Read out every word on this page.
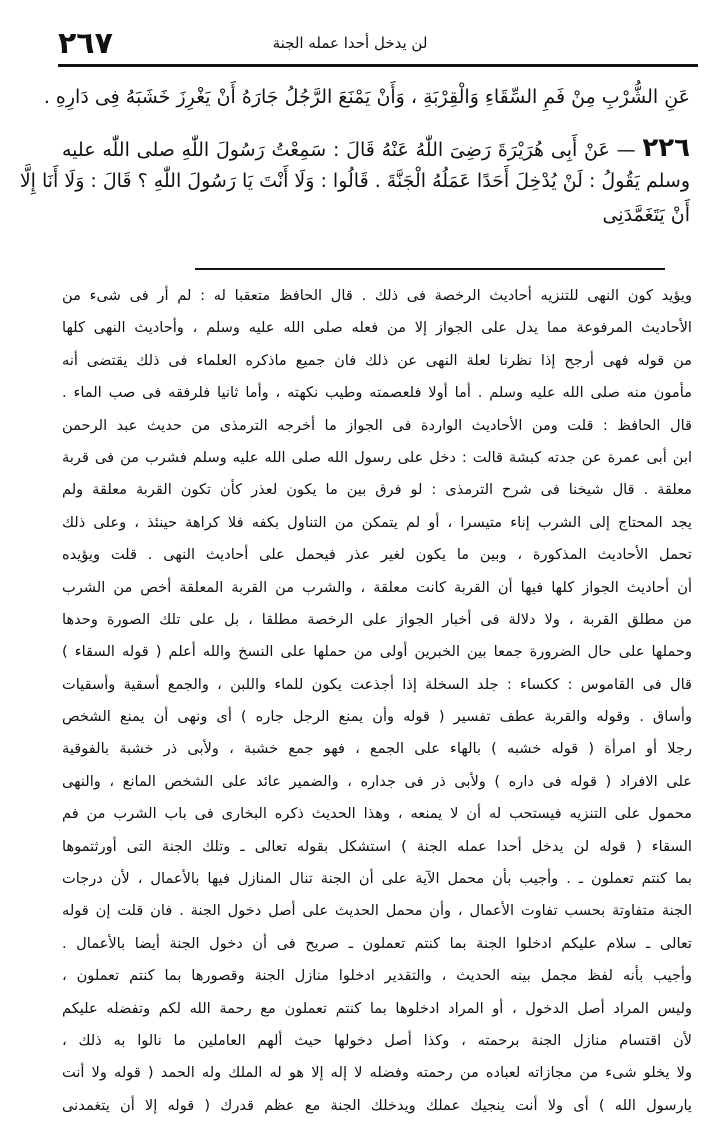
٢٦٧	لن يدخل أحدا عمله الجنة
عَنِ الشُّرْبِ مِنْ فَمِ السِّقَاءِ وَالْقِرْبَةِ ، وَأَنْ يَمْنَعَ الرَّجُلُ جَارَهُ أَنْ يَغْرِزَ خَشَبَهُ فِى دَارِهِ .
٢٢٦ — عَنْ أَبِى هُرَيْرَةَ رَضِىَ اللّٰهُ عَنْهُ قَالَ : سَمِعْتُ رَسُولَ اللّٰهِ صلى اللّٰه عليه
وسلم يَقُولُ : لَنْ يُدْخِلَ أَحَدًا عَمَلُهُ الْجَنَّةَ . قَالُوا : وَلَا أَنْتَ يَا رَسُولَ اللّٰهِ ؟ قَالَ : وَلَا أَنَا إِلَّا
أَنْ يَتَغَمَّدَنِى
ويؤيد كون النهى للتنزيه أحاديث الرخصة فى ذلك . قال الحافظ متعقبا له : لم أر فى شىء من
الأحاديث المرفوعة مما يدل على الجواز إلا من فعله صلى الله عليه وسلم ، وأحاديث النهى كلها
من قوله فهى أرجح إذا نظرنا لعلة النهى عن ذلك فان جميع ماذكره العلماء فى ذلك يقتضى أنه
مأمون منه صلى الله عليه وسلم . أما أولا فلعصمته وطيب نكهته ، وأما ثانيا فلرفقه فى صب الماء .
قال الحافظ : قلت ومن الأحاديث الواردة فى الجواز ما أخرجه الترمذى من حديث عبد الرحمن
ابن أبى عمرة عن جدته كبشة قالت : دخل على رسول الله صلى الله عليه وسلم فشرب من فى قربة
معلقة . قال شيخنا فى شرح الترمذى : لو فرق بين ما يكون لعذر كأن تكون القربة معلقة ولم
يجد المحتاج إلى الشرب إناء متيسرا ، أو لم يتمكن من التناول بكفه فلا كراهة حينئذ ، وعلى ذلك
تحمل الأحاديث المذكورة ، وبين ما يكون لغير عذر فيحمل على أحاديث النهى . قلت ويؤيده
أن أحاديث الجواز كلها فيها أن القربة كانت معلقة ، والشرب من القربة المعلقة أخص من الشرب
من مطلق القربة ، ولا دلالة فى أخبار الجواز على الرخصة مطلقا ، بل على تلك الصورة وحدها
وحملها على حال الضرورة جمعا بين الخبرين أولى من حملها على النسخ والله أعلم ( قوله السقاء )
قال فى القاموس : ككساء : جلد السخلة إذا أجذعت يكون للماء واللبن ، والجمع أسقية وأسقيات
وأساق . وقوله والقربة عطف تفسير ( قوله وأن يمنع الرجل جاره ) أى ونهى أن يمنع الشخص
رجلا أو امرأة ( قوله خشبه ) بالهاء على الجمع ، فهو جمع خشبة ، ولأبى ذر خشبة بالفوقية
على الافراد ( قوله فى داره ) ولأبى ذر فى جداره ، والضمير عائد على الشخص المانع ، والنهى
محمول على التنزيه فيستحب له أن لا يمنعه ، وهذا الحديث ذكره البخارى فى باب الشرب من فم
السقاء ( قوله لن يدخل أحدا عمله الجنة ) استشكل بقوله تعالى ـ وتلك الجنة التى أورثتموها
بما كنتم تعملون ـ . وأجيب بأن محمل الآية على أن الجنة تنال المنازل فيها بالأعمال ، لأن درجات
الجنة متفاوتة بحسب تفاوت الأعمال ، وأن محمل الحديث على أصل دخول الجنة . فان قلت إن قوله
تعالى ـ سلام عليكم ادخلوا الجنة بما كنتم تعملون ـ صريح فى أن دخول الجنة أيضا بالأعمال .
وأجيب بأنه لفظ مجمل بينه الحديث ، والتقدير ادخلوا منازل الجنة وقصورها بما كنتم تعملون ،
وليس المراد أصل الدخول ، أو المراد ادخلوها بما كنتم تعملون مع رحمة الله لكم وتفضله عليكم
لأن اقتسام منازل الجنة برحمته ، وكذا أصل دخولها حيث ألهم العاملين ما نالوا به ذلك ،
ولا يخلو شىء من مجازاته لعباده من رحمته وفضله لا إله إلا هو له الملك وله الحمد ( قوله ولا أنت
يارسول الله ) أى ولا أنت ينجيك عملك ويدخلك الجنة مع عظم قدرك ( قوله إلا أن يتغمدنى
